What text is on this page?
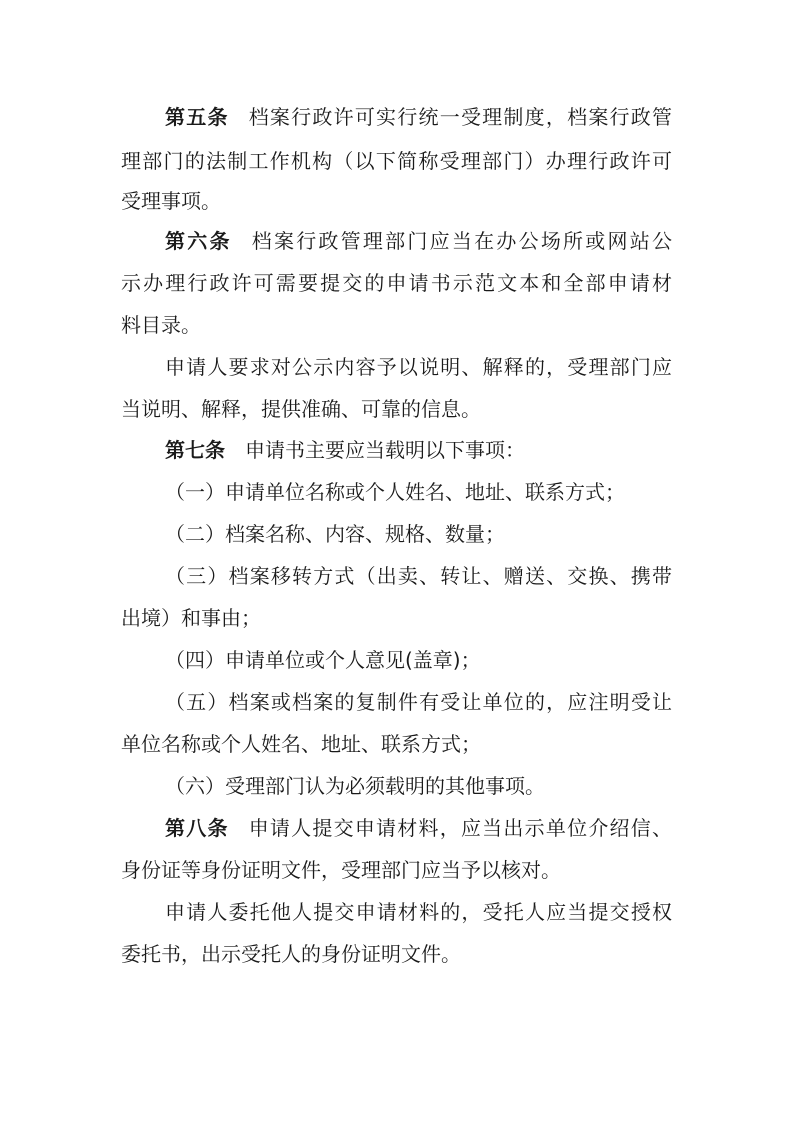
第五条 档案行政许可实行统一受理制度，档案行政管
理部门的法制工作机构（以下简称受理部门）办理行政许可
受理事项。
第六条 档案行政管理部门应当在办公场所或网站公
示办理行政许可需要提交的申请书示范文本和全部申请材
料目录。
申请人要求对公示内容予以说明、解释的，受理部门应
当说明、解释，提供准确、可靠的信息。
第七条 申请书主要应当载明以下事项：
（一）申请单位名称或个人姓名、地址、联系方式；
（二）档案名称、内容、规格、数量；
（三）档案移转方式（出卖、转让、赠送、交换、携带
出境）和事由；
（四）申请单位或个人意见(盖章)；
（五）档案或档案的复制件有受让单位的，应注明受让
单位名称或个人姓名、地址、联系方式；
（六）受理部门认为必须载明的其他事项。
第八条 申请人提交申请材料，应当出示单位介绍信、
身份证等身份证明文件，受理部门应当予以核对。
申请人委托他人提交申请材料的，受托人应当提交授权
委托书，出示受托人的身份证明文件。
